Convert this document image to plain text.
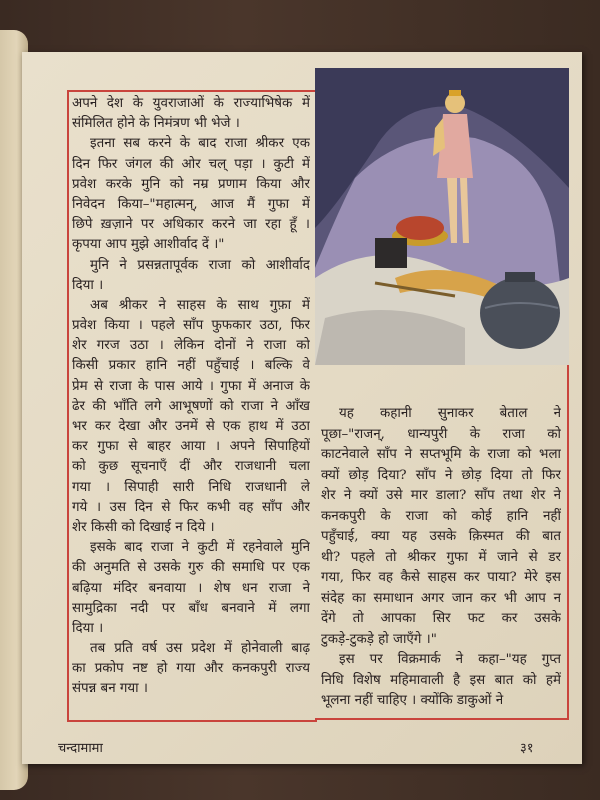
अपने देश के युवराजाओं के राज्याभिषेक में
संमिलित होने के निमंत्रण भी भेजे ।
इतना सब करने के बाद राजा श्रीकर एक
दिन फिर जंगल की ओर चल् पड़ा । कुटी में
प्रवेश करके मुनि को नम्र प्रणाम किया और
निवेदन किया–"महात्मन्, आज मैं गुफा में
छिपे ख़ज़ाने पर अधिकार करने जा रहा हूँ ।
कृपया आप मुझे आशीर्वाद दें ।"
मुनि ने प्रसन्नतापूर्वक राजा को आशीर्वाद
दिया ।
अब श्रीकर ने साहस के साथ गुफ़ा में
प्रवेश किया । पहले साँप फुफकार उठा, फिर
शेर गरज उठा । लेकिन दोनों ने राजा को
किसी प्रकार हानि नहीं पहुँचाई । बल्कि वे
प्रेम से राजा के पास आये । गुफा में अनाज के
ढेर की भाँति लगे आभूषणों को राजा ने आँख
भर कर देखा और उनमें से एक हाथ में उठा
कर गुफा से बाहर आया । अपने सिपाहियों
को कुछ सूचनाएँ दीं और राजधानी चला
गया । सिपाही सारी निधि राजधानी ले
गये । उस दिन से फिर कभी वह साँप और
शेर किसी को दिखाई न दिये ।
इसके बाद राजा ने कुटी में रहनेवाले मुनि
की अनुमति से उसके गुरु की समाधि पर एक
बढ़िया मंदिर बनवाया । शेष धन राजा ने
सामुद्रिका नदी पर बाँध बनवाने में लगा
दिया ।
तब प्रति वर्ष उस प्रदेश में होनेवाली बाढ़
का प्रकोप नष्ट हो गया और कनकपुरी राज्य
संपन्न बन गया ।
यह कहानी सुनाकर बेताल ने
पूछा–"राजन्, धान्यपुरी के राजा को
काटनेवाले साँप ने सप्तभूमि के राजा को भला
क्यों छोड़ दिया? साँप ने छोड़ दिया तो फिर
शेर ने क्यों उसे मार डाला? साँप तथा शेर ने
कनकपुरी के राजा को कोई हानि नहीं
पहुँचाई, क्या यह उसके क़िस्मत की बात
थी? पहले तो श्रीकर गुफा में जाने से डर
गया, फिर वह कैसे साहस कर पाया? मेरे इस
संदेह का समाधान अगर जान कर भी आप न
देंगे तो आपका सिर फट कर उसके
टुकड़े-टुकड़े हो जाएँगे ।"
इस पर विक्रमार्क ने कहा–"यह गुप्त
निधि विशेष महिमावाली है इस बात को हमें
भूलना नहीं चाहिए । क्योंकि डाकुओं ने
चन्दामामा	३१
